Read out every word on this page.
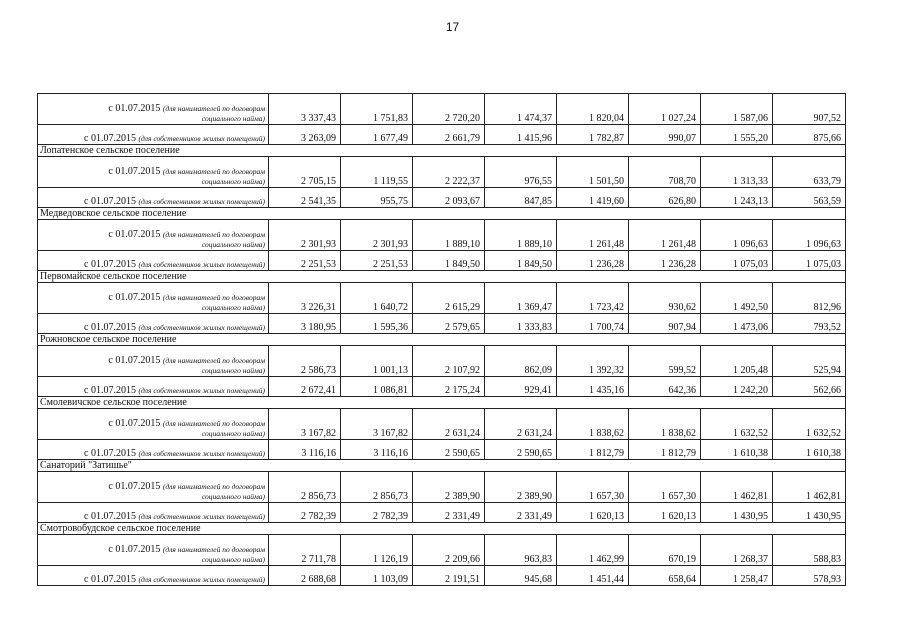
17
с 01.07.2015 (для нанимателей по договорам
социального найма)	3 337,43	1 751,83	2 720,20	1 474,37	1 820,04	1 027,24	1 587,06	907,52
с 01.07.2015 (для собственников жилых помещений)	3 263,09	1 677,49	2 661,79	1 415,96	1 782,87	990,07	1 555,20	875,66
Лопатенское сельское поселение								

с 01.07.2015 (для нанимателей по договорам
социального найма)	2 705,15	1 119,55	2 222,37	976,55	1 501,50	708,70	1 313,33	633,79
с 01.07.2015 (для собственников жилых помещений)	2 541,35	955,75	2 093,67	847,85	1 419,60	626,80	1 243,13	563,59
Медведовское сельское поселение								

с 01.07.2015 (для нанимателей по договорам
социального найма)	2 301,93	2 301,93	1 889,10	1 889,10	1 261,48	1 261,48	1 096,63	1 096,63
с 01.07.2015 (для собственников жилых помещений)	2 251,53	2 251,53	1 849,50	1 849,50	1 236,28	1 236,28	1 075,03	1 075,03
Первомайское сельское поселение								

с 01.07.2015 (для нанимателей по договорам
социального найма)	3 226,31	1 640,72	2 615,29	1 369,47	1 723,42	930,62	1 492,50	812,96
с 01.07.2015 (для собственников жилых помещений)	3 180,95	1 595,36	2 579,65	1 333,83	1 700,74	907,94	1 473,06	793,52
Рожновское сельское поселение								

с 01.07.2015 (для нанимателей по договорам
социального найма)	2 586,73	1 001,13	2 107,92	862,09	1 392,32	599,52	1 205,48	525,94
с 01.07.2015 (для собственников жилых помещений)	2 672,41	1 086,81	2 175,24	929,41	1 435,16	642,36	1 242,20	562,66
Смолевичское сельское поселение								

с 01.07.2015 (для нанимателей по договорам
социального найма)	3 167,82	3 167,82	2 631,24	2 631,24	1 838,62	1 838,62	1 632,52	1 632,52
с 01.07.2015 (для собственников жилых помещений)	3 116,16	3 116,16	2 590,65	2 590,65	1 812,79	1 812,79	1 610,38	1 610,38
Санаторий "Затишье"								

с 01.07.2015 (для нанимателей по договорам
социального найма)	2 856,73	2 856,73	2 389,90	2 389,90	1 657,30	1 657,30	1 462,81	1 462,81
с 01.07.2015 (для собственников жилых помещений)	2 782,39	2 782,39	2 331,49	2 331,49	1 620,13	1 620,13	1 430,95	1 430,95
Смотровобудское сельское поселение								

с 01.07.2015 (для нанимателей по договорам
социального найма)	2 711,78	1 126,19	2 209,66	963,83	1 462,99	670,19	1 268,37	588,83
с 01.07.2015 (для собственников жилых помещений)	2 688,68	1 103,09	2 191,51	945,68	1 451,44	658,64	1 258,47	578,93
